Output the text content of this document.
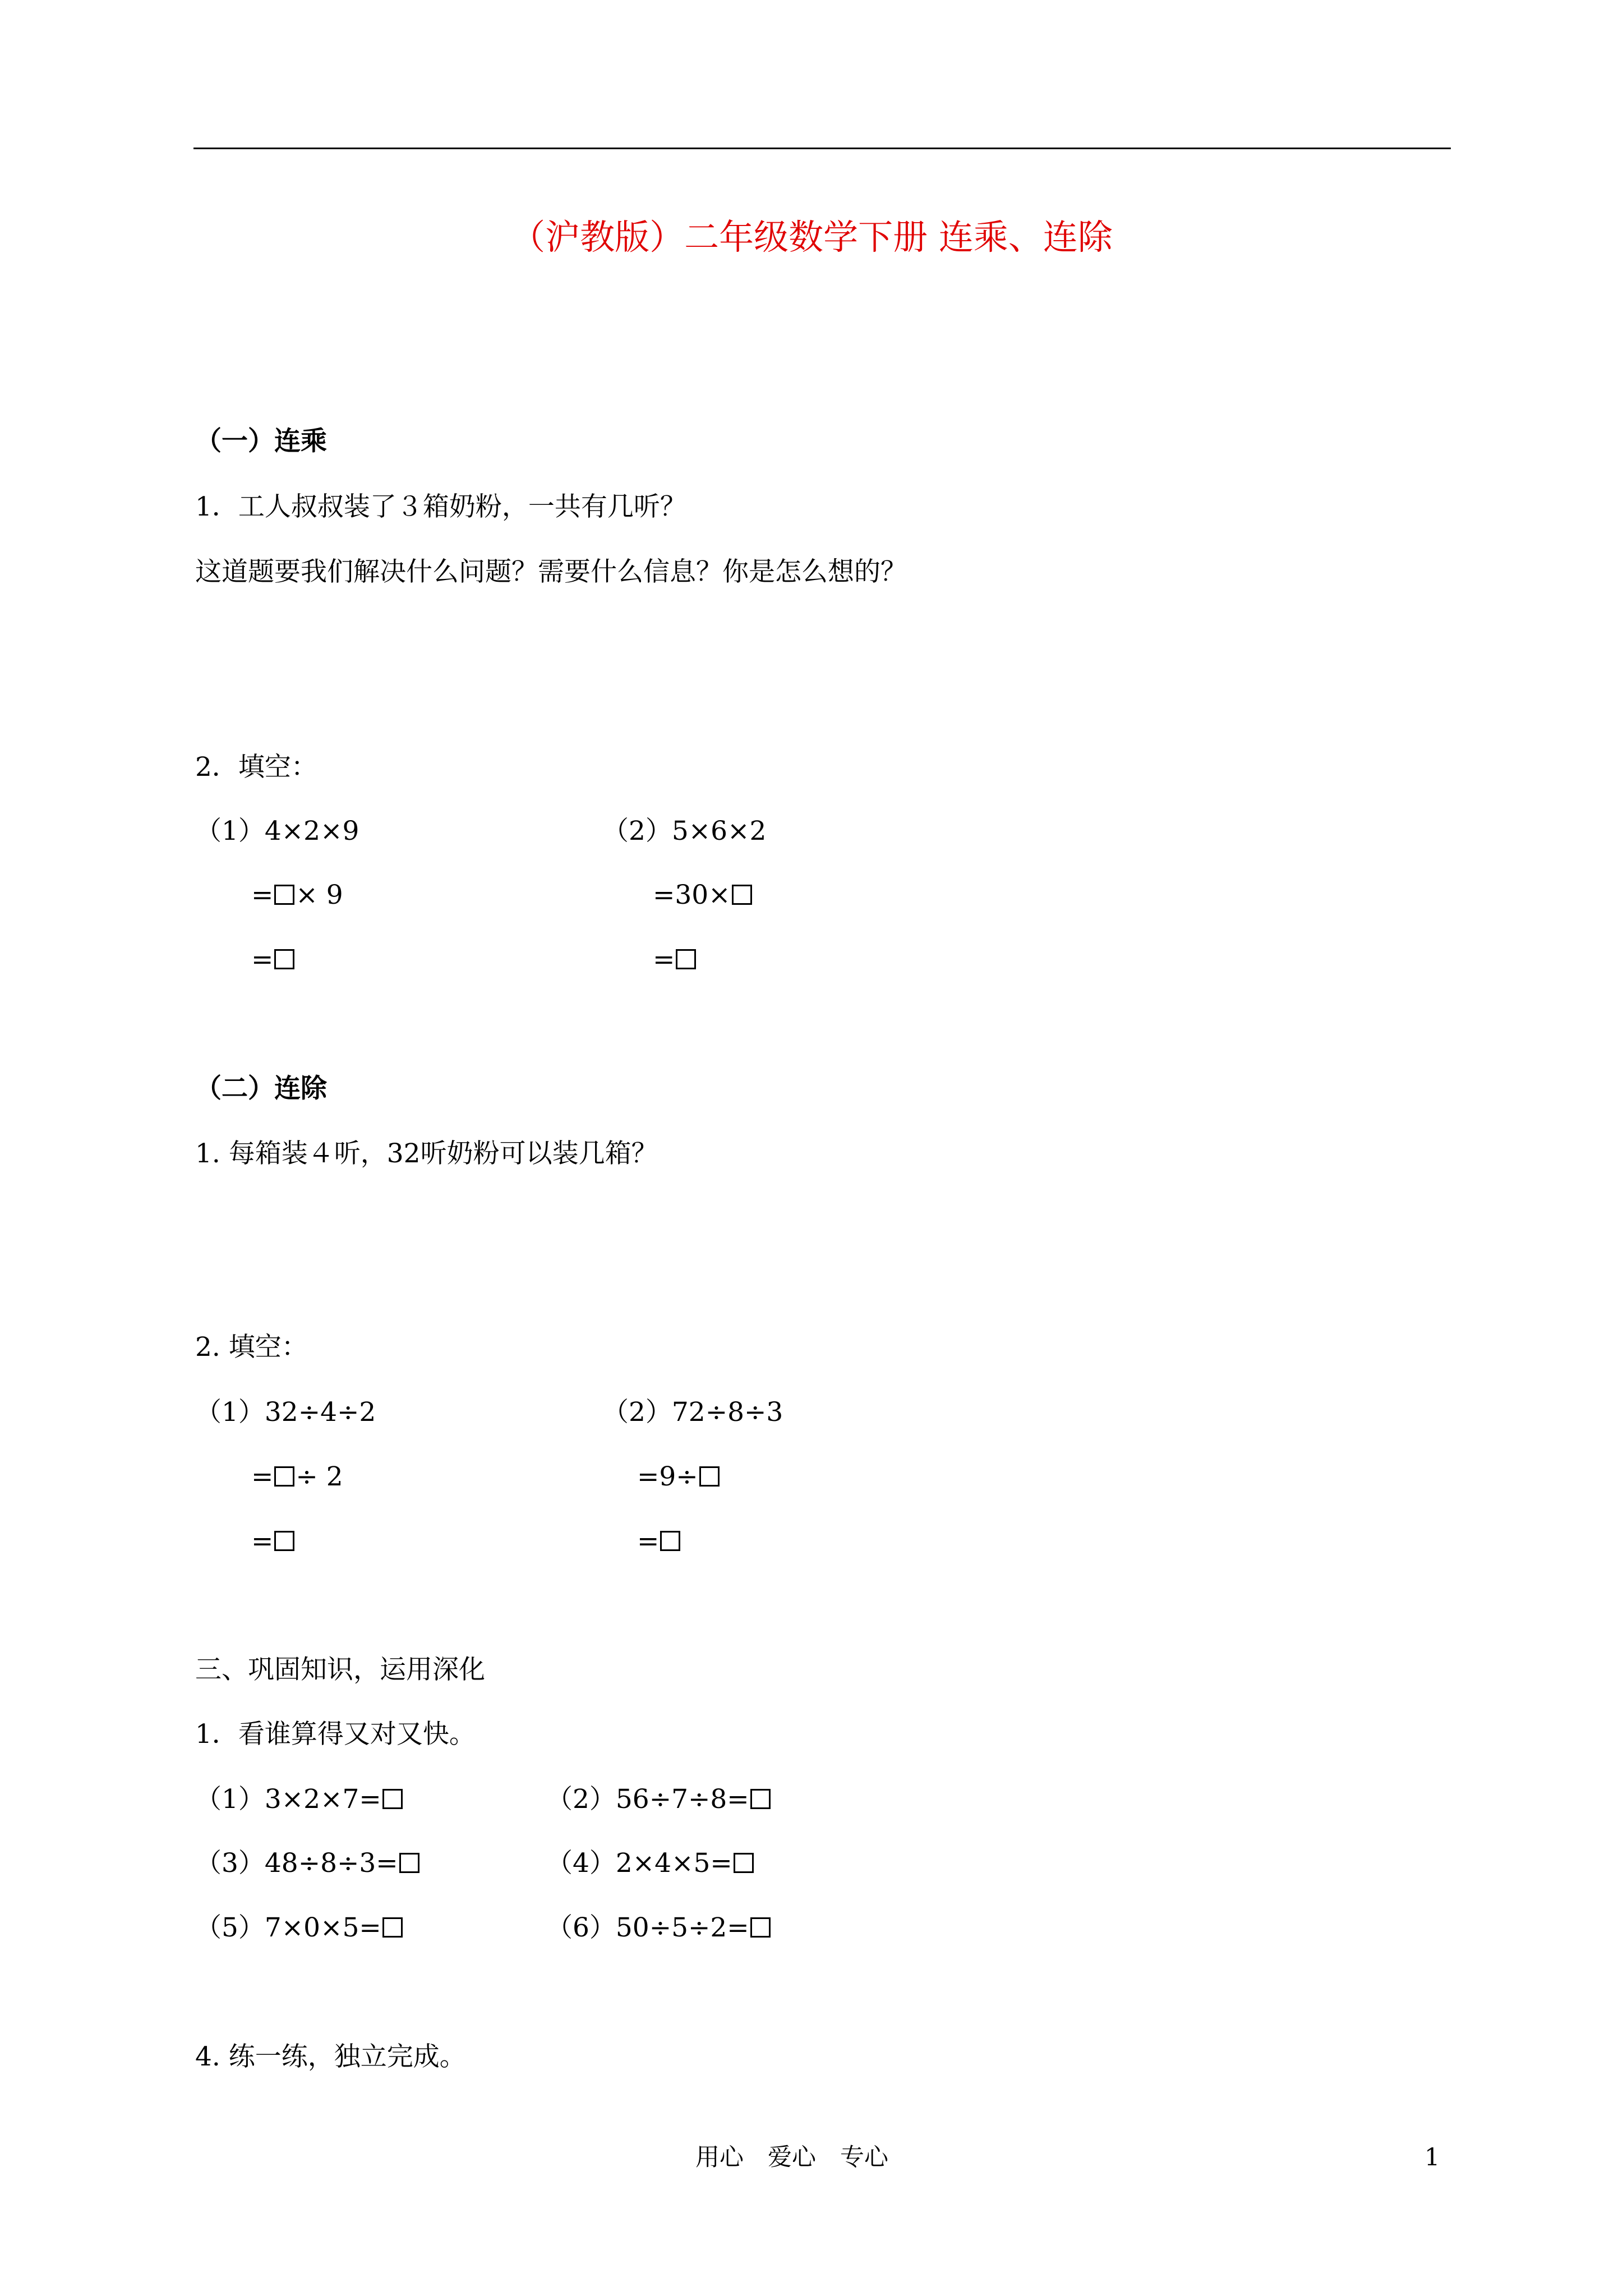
（沪教版）二年级数学下册 连乘、连除
（一）连乘
1．工人叔叔装了３箱奶粉，一共有几听？
这道题要我们解决什么问题？需要什么信息？你是怎么想的？
2．填空：
（1）4×2×9
= × 9
=
（2）5×6×2
=30×
=
（二）连除
1. 每箱装４听，32听奶粉可以装几箱？
2. 填空：
（1）32÷4÷2
= ÷ 2
=
（2）72÷8÷3
=9÷
=
三、巩固知识，运用深化
1．看谁算得又对又快。
（1）3×2×7=	（2）56÷7÷8=
（3）48÷8÷3=	（4）2×4×5=
（5）7×0×5=	（6）50÷5÷2=
4. 练一练，独立完成。
用心　爱心　专心	1
